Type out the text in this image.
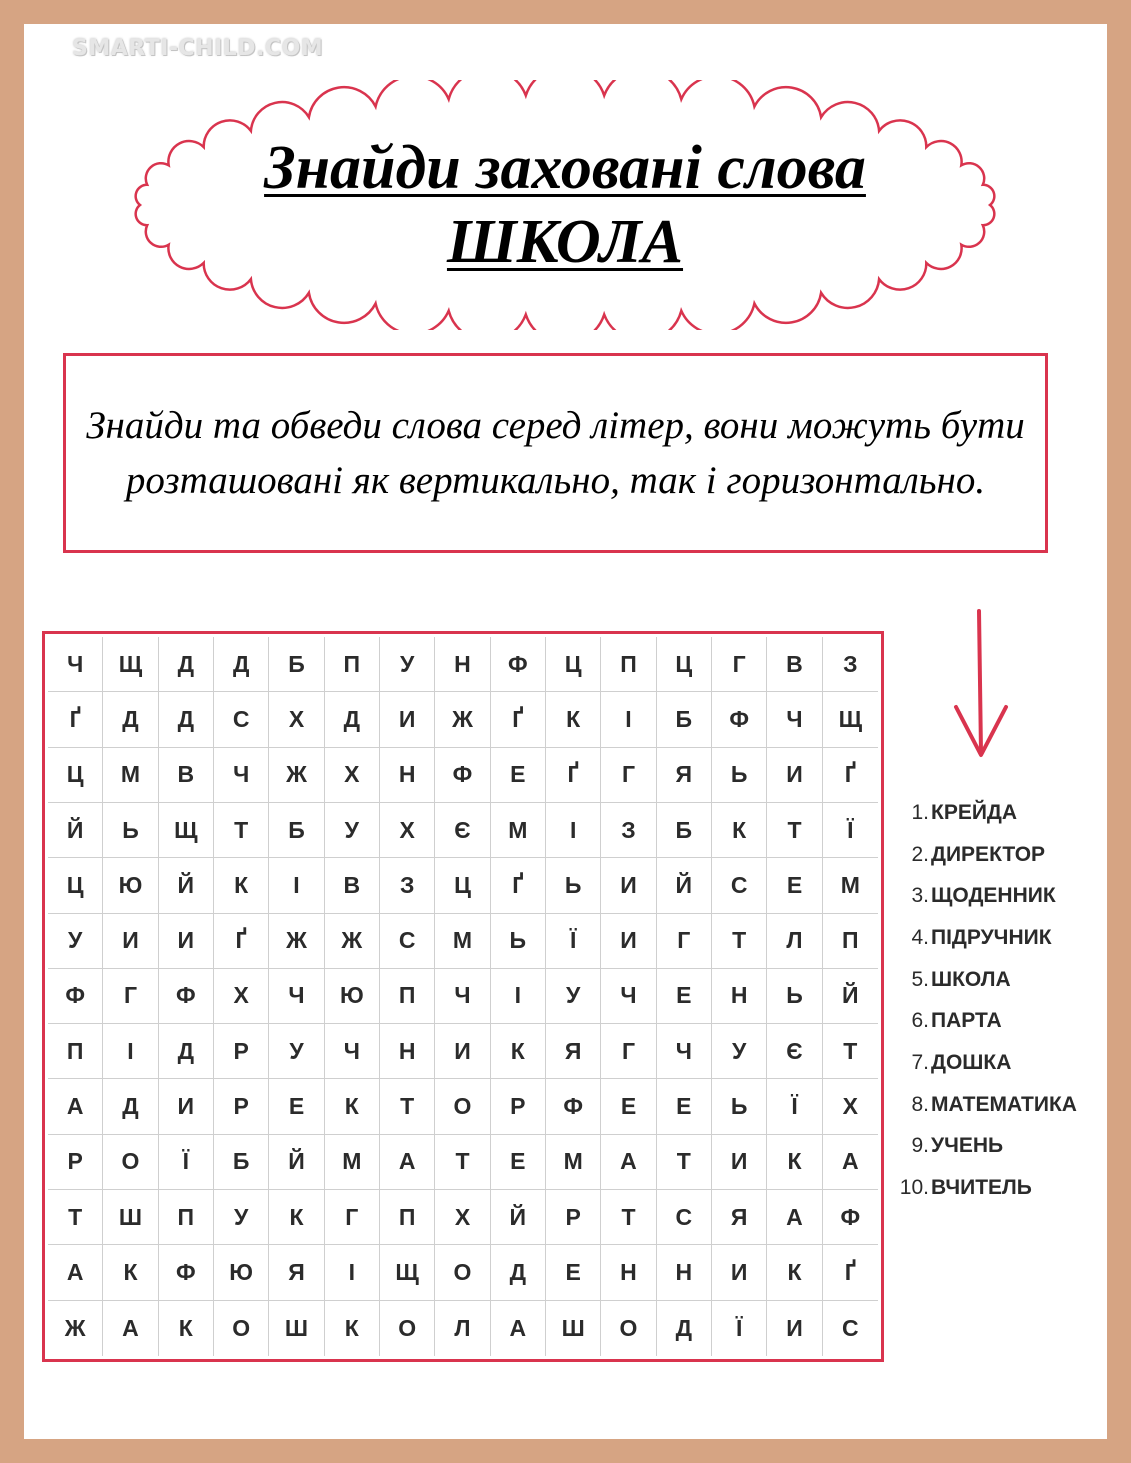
SMARTI-CHILD.COM
Знайди заховані слова
ШКОЛА
Знайди та обведи слова серед літер, вони можуть бути розташовані як вертикально, так і горизонтально.
Ч	Щ	Д	Д	Б	П	У	Н	Ф	Ц	П	Ц	Г	В	З
Ґ	Д	Д	С	Х	Д	И	Ж	Ґ	К	І	Б	Ф	Ч	Щ
Ц	М	В	Ч	Ж	Х	Н	Ф	Е	Ґ	Г	Я	Ь	И	Ґ
Й	Ь	Щ	Т	Б	У	Х	Є	М	І	З	Б	К	Т	Ї
Ц	Ю	Й	К	І	В	З	Ц	Ґ	Ь	И	Й	С	Е	М
У	И	И	Ґ	Ж	Ж	С	М	Ь	Ї	И	Г	Т	Л	П
Ф	Г	Ф	Х	Ч	Ю	П	Ч	І	У	Ч	Е	Н	Ь	Й
П	І	Д	Р	У	Ч	Н	И	К	Я	Г	Ч	У	Є	Т
А	Д	И	Р	Е	К	Т	О	Р	Ф	Е	Е	Ь	Ї	Х
Р	О	Ї	Б	Й	М	А	Т	Е	М	А	Т	И	К	А
Т	Ш	П	У	К	Г	П	Х	Й	Р	Т	С	Я	А	Ф
А	К	Ф	Ю	Я	І	Щ	О	Д	Е	Н	Н	И	К	Ґ
Ж	А	К	О	Ш	К	О	Л	А	Ш	О	Д	Ї	И	С
1. КРЕЙДА
2. ДИРЕКТОР
3. ЩОДЕННИК
4. ПІДРУЧНИК
5. ШКОЛА
6. ПАРТА
7. ДОШКА
8. МАТЕМАТИКА
9. УЧЕНЬ
10. ВЧИТЕЛЬ
